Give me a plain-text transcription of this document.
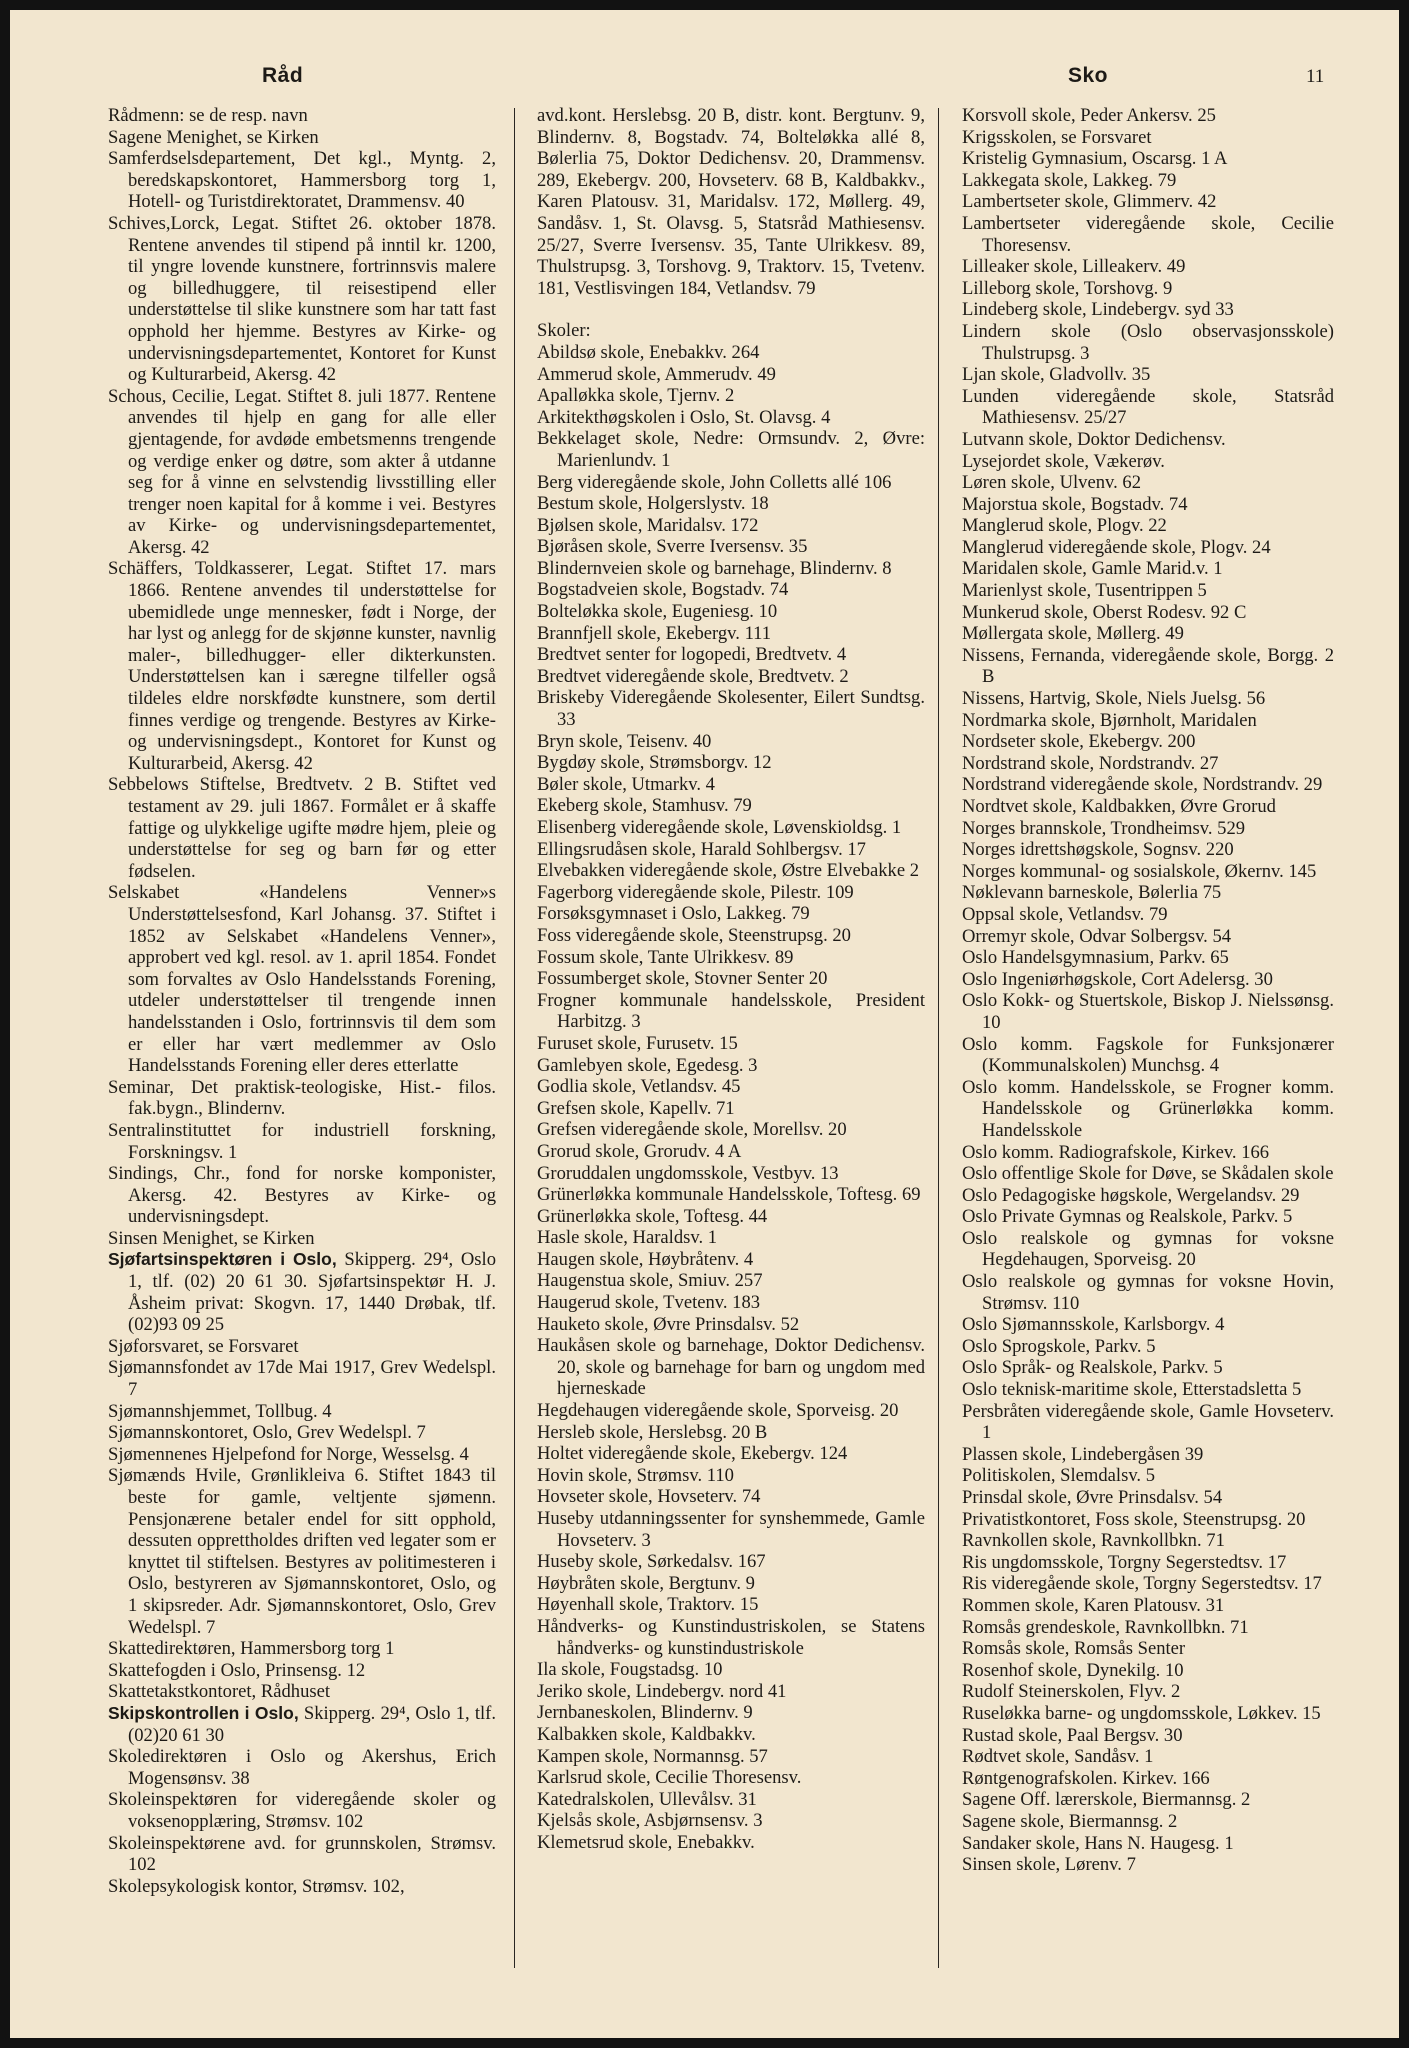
Råd	Sko	11

Rådmenn: se de resp. navn

Sagene Menighet, se Kirken

Samferdselsdepartement, Det kgl., Myntg. 2, beredskapskontoret, Hammersborg torg 1, Hotell- og Turistdirektoratet, Drammensv. 40

Schives,Lorck, Legat. Stiftet 26. oktober 1878. Rentene anvendes til stipend på inntil kr. 1200, til yngre lovende kunstnere, fortrinnsvis malere og billedhuggere, til reisestipend eller understøttelse til slike kunstnere som har tatt fast opphold her hjemme. Bestyres av Kirke- og undervisningsdepartementet, Kontoret for Kunst og Kulturarbeid, Akersg. 42

Schous, Cecilie, Legat. Stiftet 8. juli 1877. Rentene anvendes til hjelp en gang for alle eller gjentagende, for avdøde embetsmenns trengende og verdige enker og døtre, som akter å utdanne seg for å vinne en selvstendig livsstilling eller trenger noen kapital for å komme i vei. Bestyres av Kirke- og undervisningsdepartementet, Akersg. 42

Schäffers, Toldkasserer, Legat. Stiftet 17. mars 1866. Rentene anvendes til understøttelse for ubemidlede unge mennesker, født i Norge, der har lyst og anlegg for de skjønne kunster, navnlig maler-, billedhugger- eller dikterkunsten. Understøttelsen kan i særegne tilfeller også tildeles eldre norskfødte kunstnere, som dertil finnes verdige og trengende. Bestyres av Kirke- og undervisningsdept., Kontoret for Kunst og Kulturarbeid, Akersg. 42

Sebbelows Stiftelse, Bredtvetv. 2 B. Stiftet ved testament av 29. juli 1867. Formålet er å skaffe fattige og ulykkelige ugifte mødre hjem, pleie og understøttelse for seg og barn før og etter fødselen.

Selskabet «Handelens Venner»s Understøttelsesfond, Karl Johansg. 37. Stiftet i 1852 av Selskabet «Handelens Venner», approbert ved kgl. resol. av 1. april 1854. Fondet som forvaltes av Oslo Handelsstands Forening, utdeler understøttelser til trengende innen handelsstanden i Oslo, fortrinnsvis til dem som er eller har vært medlemmer av Oslo Handelsstands Forening eller deres etterlatte

Seminar, Det praktisk-teologiske, Hist.- filos. fak.bygn., Blindernv.

Sentralinstituttet for industriell forskning, Forskningsv. 1

Sindings, Chr., fond for norske komponister, Akersg. 42. Bestyres av Kirke- og undervisningsdept.

Sinsen Menighet, se Kirken

Sjøfartsinspektøren i Oslo, Skipperg. 29⁴, Oslo 1, tlf. (02) 20 61 30. Sjøfartsinspektør H. J. Åsheim privat: Skogvn. 17, 1440 Drøbak, tlf. (02)93 09 25

Sjøforsvaret, se Forsvaret

Sjømannsfondet av 17de Mai 1917, Grev Wedelspl. 7

Sjømannshjemmet, Tollbug. 4

Sjømannskontoret, Oslo, Grev Wedelspl. 7

Sjømennenes Hjelpefond for Norge, Wesselsg. 4

Sjømænds Hvile, Grønlikleiva 6. Stiftet 1843 til beste for gamle, veltjente sjømenn. Pensjonærene betaler endel for sitt opphold, dessuten opprettholdes driften ved legater som er knyttet til stiftelsen. Bestyres av politimesteren i Oslo, bestyreren av Sjømannskontoret, Oslo, og 1 skipsreder. Adr. Sjømannskontoret, Oslo, Grev Wedelspl. 7

Skattedirektøren, Hammersborg torg 1

Skattefogden i Oslo, Prinsensg. 12

Skattetakstkontoret, Rådhuset

Skipskontrollen i Oslo, Skipperg. 29⁴, Oslo 1, tlf. (02)20 61 30

Skoledirektøren i Oslo og Akershus, Erich Mogensønsv. 38

Skoleinspektøren for videregående skoler og voksenopplæring, Strømsv. 102

Skoleinspektørene avd. for grunnskolen, Strømsv. 102

Skolepsykologisk kontor, Strømsv. 102,

avd.kont. Herslebsg. 20 B, distr. kont. Bergtunv. 9, Blindernv. 8, Bogstadv. 74, Bolteløkka allé 8, Bølerlia 75, Doktor Dedichensv. 20, Drammensv. 289, Ekebergv. 200, Hovseterv. 68 B, Kaldbakkv., Karen Platousv. 31, Maridalsv. 172, Møllerg. 49, Sandåsv. 1, St. Olavsg. 5, Statsråd Mathiesensv. 25/27, Sverre Iversensv. 35, Tante Ulrikkesv. 89, Thulstrupsg. 3, Torshovg. 9, Traktorv. 15, Tvetenv. 181, Vestlisvingen 184, Vetlandsv. 79

Skoler:

Abildsø skole, Enebakkv. 264

Ammerud skole, Ammerudv. 49

Apalløkka skole, Tjernv. 2

Arkitekthøgskolen i Oslo, St. Olavsg. 4

Bekkelaget skole, Nedre: Ormsundv. 2, Øvre: Marienlundv. 1

Berg videregående skole, John Colletts allé 106

Bestum skole, Holgerslystv. 18

Bjølsen skole, Maridalsv. 172

Bjøråsen skole, Sverre Iversensv. 35

Blindernveien skole og barnehage, Blindernv. 8

Bogstadveien skole, Bogstadv. 74

Bolteløkka skole, Eugeniesg. 10

Brannfjell skole, Ekebergv. 111

Bredtvet senter for logopedi, Bredtvetv. 4

Bredtvet videregående skole, Bredtvetv. 2

Briskeby Videregående Skolesenter, Eilert Sundtsg. 33

Bryn skole, Teisenv. 40

Bygdøy skole, Strømsborgv. 12

Bøler skole, Utmarkv. 4

Ekeberg skole, Stamhusv. 79

Elisenberg videregående skole, Løvenskioldsg. 1

Ellingsrudåsen skole, Harald Sohlbergsv. 17

Elvebakken videregående skole, Østre Elvebakke 2

Fagerborg videregående skole, Pilestr. 109

Forsøksgymnaset i Oslo, Lakkeg. 79

Foss videregående skole, Steenstrupsg. 20

Fossum skole, Tante Ulrikkesv. 89

Fossumberget skole, Stovner Senter 20

Frogner kommunale handelsskole, President Harbitzg. 3

Furuset skole, Furusetv. 15

Gamlebyen skole, Egedesg. 3

Godlia skole, Vetlandsv. 45

Grefsen skole, Kapellv. 71

Grefsen videregående skole, Morellsv. 20

Grorud skole, Grorudv. 4 A

Groruddalen ungdomsskole, Vestbyv. 13

Grünerløkka kommunale Handelsskole, Toftesg. 69

Grünerløkka skole, Toftesg. 44

Hasle skole, Haraldsv. 1

Haugen skole, Høybråtenv. 4

Haugenstua skole, Smiuv. 257

Haugerud skole, Tvetenv. 183

Hauketo skole, Øvre Prinsdalsv. 52

Haukåsen skole og barnehage, Doktor Dedichensv. 20, skole og barnehage for barn og ungdom med hjerneskade

Hegdehaugen videregående skole, Sporveisg. 20

Hersleb skole, Herslebsg. 20 B

Holtet videregående skole, Ekebergv. 124

Hovin skole, Strømsv. 110

Hovseter skole, Hovseterv. 74

Huseby utdanningssenter for synshemmede, Gamle Hovseterv. 3

Huseby skole, Sørkedalsv. 167

Høybråten skole, Bergtunv. 9

Høyenhall skole, Traktorv. 15

Håndverks- og Kunstindustriskolen, se Statens håndverks- og kunstindustriskole

Ila skole, Fougstadsg. 10

Jeriko skole, Lindebergv. nord 41

Jernbaneskolen, Blindernv. 9

Kalbakken skole, Kaldbakkv.

Kampen skole, Normannsg. 57

Karlsrud skole, Cecilie Thoresensv.

Katedralskolen, Ullevålsv. 31

Kjelsås skole, Asbjørnsensv. 3

Klemetsrud skole, Enebakkv.

Korsvoll skole, Peder Ankersv. 25

Krigsskolen, se Forsvaret

Kristelig Gymnasium, Oscarsg. 1 A

Lakkegata skole, Lakkeg. 79

Lambertseter skole, Glimmerv. 42

Lambertseter videregående skole, Cecilie Thoresensv.

Lilleaker skole, Lilleakerv. 49

Lilleborg skole, Torshovg. 9

Lindeberg skole, Lindebergv. syd 33

Lindern skole (Oslo observasjonsskole) Thulstrupsg. 3

Ljan skole, Gladvollv. 35

Lunden videregående skole, Statsråd Mathiesensv. 25/27

Lutvann skole, Doktor Dedichensv.

Lysejordet skole, Vækerøv.

Løren skole, Ulvenv. 62

Majorstua skole, Bogstadv. 74

Manglerud skole, Plogv. 22

Manglerud videregående skole, Plogv. 24

Maridalen skole, Gamle Marid.v. 1

Marienlyst skole, Tusentrippen 5

Munkerud skole, Oberst Rodesv. 92 C

Møllergata skole, Møllerg. 49

Nissens, Fernanda, videregående skole, Borgg. 2 B

Nissens, Hartvig, Skole, Niels Juelsg. 56

Nordmarka skole, Bjørnholt, Maridalen

Nordseter skole, Ekebergv. 200

Nordstrand skole, Nordstrandv. 27

Nordstrand videregående skole, Nordstrandv. 29

Nordtvet skole, Kaldbakken, Øvre Grorud

Norges brannskole, Trondheimsv. 529

Norges idrettshøgskole, Sognsv. 220

Norges kommunal- og sosialskole, Økernv. 145

Nøklevann barneskole, Bølerlia 75

Oppsal skole, Vetlandsv. 79

Orremyr skole, Odvar Solbergsv. 54

Oslo Handelsgymnasium, Parkv. 65

Oslo Ingeniørhøgskole, Cort Adelersg. 30

Oslo Kokk- og Stuertskole, Biskop J. Nielssønsg. 10

Oslo komm. Fagskole for Funksjonærer (Kommunalskolen) Munchsg. 4

Oslo komm. Handelsskole, se Frogner komm. Handelsskole og Grünerløkka komm. Handelsskole

Oslo komm. Radiografskole, Kirkev. 166

Oslo offentlige Skole for Døve, se Skådalen skole

Oslo Pedagogiske høgskole, Wergelandsv. 29

Oslo Private Gymnas og Realskole, Parkv. 5

Oslo realskole og gymnas for voksne Hegdehaugen, Sporveisg. 20

Oslo realskole og gymnas for voksne Hovin, Strømsv. 110

Oslo Sjømannsskole, Karlsborgv. 4

Oslo Sprogskole, Parkv. 5

Oslo Språk- og Realskole, Parkv. 5

Oslo teknisk-maritime skole, Etterstadsletta 5

Persbråten videregående skole, Gamle Hovseterv. 1

Plassen skole, Lindebergåsen 39

Politiskolen, Slemdalsv. 5

Prinsdal skole, Øvre Prinsdalsv. 54

Privatistkontoret, Foss skole, Steenstrupsg. 20

Ravnkollen skole, Ravnkollbkn. 71

Ris ungdomsskole, Torgny Segerstedtsv. 17

Ris videregående skole, Torgny Segerstedtsv. 17

Rommen skole, Karen Platousv. 31

Romsås grendeskole, Ravnkollbkn. 71

Romsås skole, Romsås Senter

Rosenhof skole, Dynekilg. 10

Rudolf Steinerskolen, Flyv. 2

Ruseløkka barne- og ungdomsskole, Løkkev. 15

Rustad skole, Paal Bergsv. 30

Rødtvet skole, Sandåsv. 1

Røntgenografskolen. Kirkev. 166

Sagene Off. lærerskole, Biermannsg. 2

Sagene skole, Biermannsg. 2

Sandaker skole, Hans N. Haugesg. 1

Sinsen skole, Lørenv. 7
